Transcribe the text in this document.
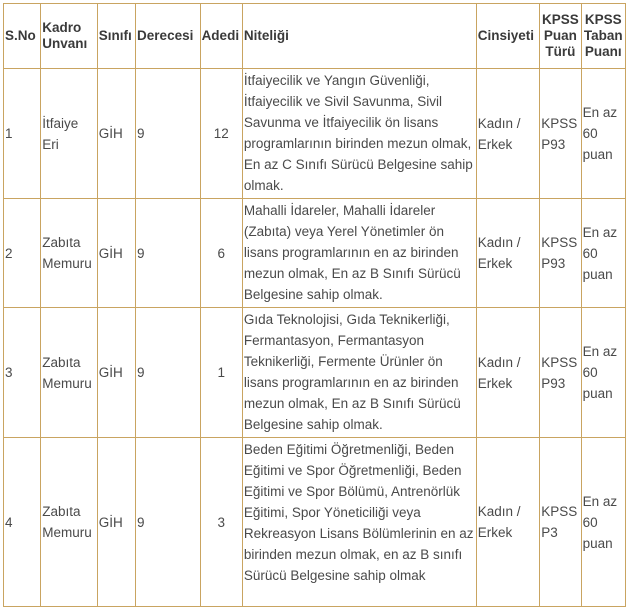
S.No	Kadro Unvanı	Sınıfı	Derecesi	Adedi	Niteliği	Cinsiyeti	KPSS Puan Türü	KPSS Taban Puanı
1	İtfaiye Eri	GİH	9	12	İtfaiyecilik ve Yangın Güvenliği, İtfaiyecilik ve Sivil Savunma, Sivil Savunma ve İtfaiyecilik ön lisans programlarının birinden mezun olmak, En az C Sınıfı Sürücü Belgesine sahip olmak.	Kadın / Erkek	KPSS P93	En az 60 puan
2	Zabıta Memuru	GİH	9	6	Mahalli İdareler, Mahalli İdareler (Zabıta) veya Yerel Yönetimler ön lisans programlarının en az birinden mezun olmak, En az B Sınıfı Sürücü Belgesine sahip olmak.	Kadın / Erkek	KPSS P93	En az 60 puan
3	Zabıta Memuru	GİH	9	1	Gıda Teknolojisi, Gıda Teknikerliği, Fermantasyon, Fermantasyon Teknikerliği, Fermente Ürünler ön lisans programlarının en az birinden mezun olmak, En az B Sınıfı Sürücü Belgesine sahip olmak.	Kadın / Erkek	KPSS P93	En az 60 puan
4	Zabıta Memuru	GİH	9	3	Beden Eğitimi Öğretmenliği, Beden Eğitimi ve Spor Öğretmenliği, Beden Eğitimi ve Spor Bölümü, Antrenörlük Eğitimi, Spor Yöneticiliği veya Rekreasyon Lisans Bölümlerinin en az birinden mezun olmak, en az B sınıfı Sürücü Belgesine sahip olmak	Kadın / Erkek	KPSS P3	En az 60 puan
